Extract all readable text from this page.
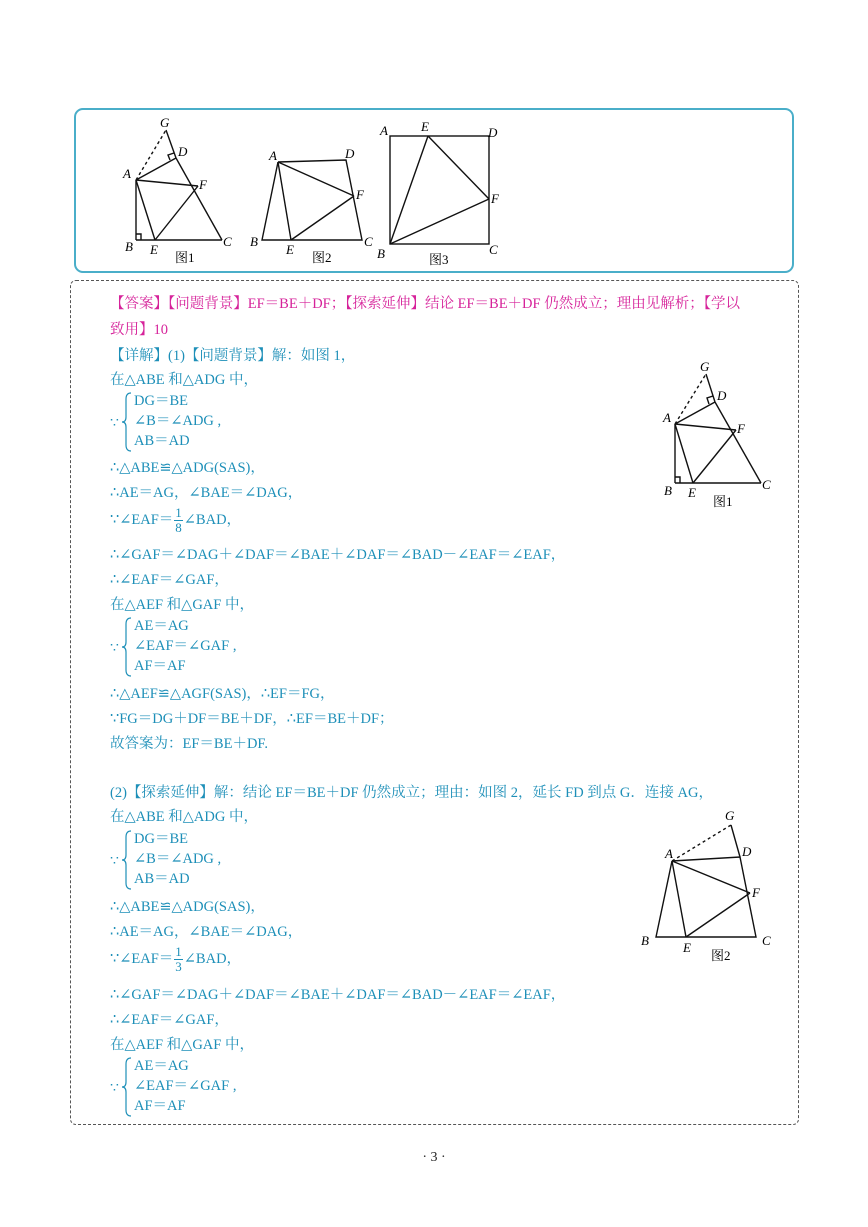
G
D
A
F
B E
C
图1
A	D
F
B
E
C
图2
A	E	D
F
B	C
图3
【答案】【问题背景】EF＝BE＋DF；【探索延伸】结论 EF＝BE＋DF 仍然成立；理由见解析；【学以
致用】10
【详解】(1)【问题背景】解：如图 1，
在△ABE 和△ADG 中，
∵
DG＝BE
∠B＝∠ADG ,
AB＝AD
∴△ABE≌△ADG(SAS)，
∴AE＝AG，∠BAE＝∠DAG，
∵∠EAF＝ $\frac{1}{8}$ ∠BAD，
∴∠GAF＝∠DAG＋∠DAF＝∠BAE＋∠DAF＝∠BAD－∠EAF＝∠EAF，
∴∠EAF＝∠GAF，
在△AEF 和△GAF 中，
∵
AE＝AG
∠EAF＝∠GAF ,
AF＝AF
∴△AEF≌△AGF(SAS)，∴EF＝FG，
∵FG＝DG＋DF＝BE＋DF，∴EF＝BE＋DF；
故答案为：EF＝BE＋DF.
G
D
A
F
B E
C
图1
(2)【探索延伸】解：结论 EF＝BE＋DF 仍然成立；理由：如图 2，延长 FD 到点 G．连接 AG，
在△ABE 和△ADG 中，
∵
DG＝BE
∠B＝∠ADG ,
AB＝AD
∴△ABE≌△ADG(SAS)，
∴AE＝AG，∠BAE＝∠DAG，
∵∠EAF＝ $\frac{1}{3}$ ∠BAD，
∴∠GAF＝∠DAG＋∠DAF＝∠BAE＋∠DAF＝∠BAD－∠EAF＝∠EAF，
∴∠EAF＝∠GAF，
在△AEF 和△GAF 中，
∵
AE＝AG
∠EAF＝∠GAF ,
AF＝AF
G
A	D
F
B	E	C
图2
· 3 ·
